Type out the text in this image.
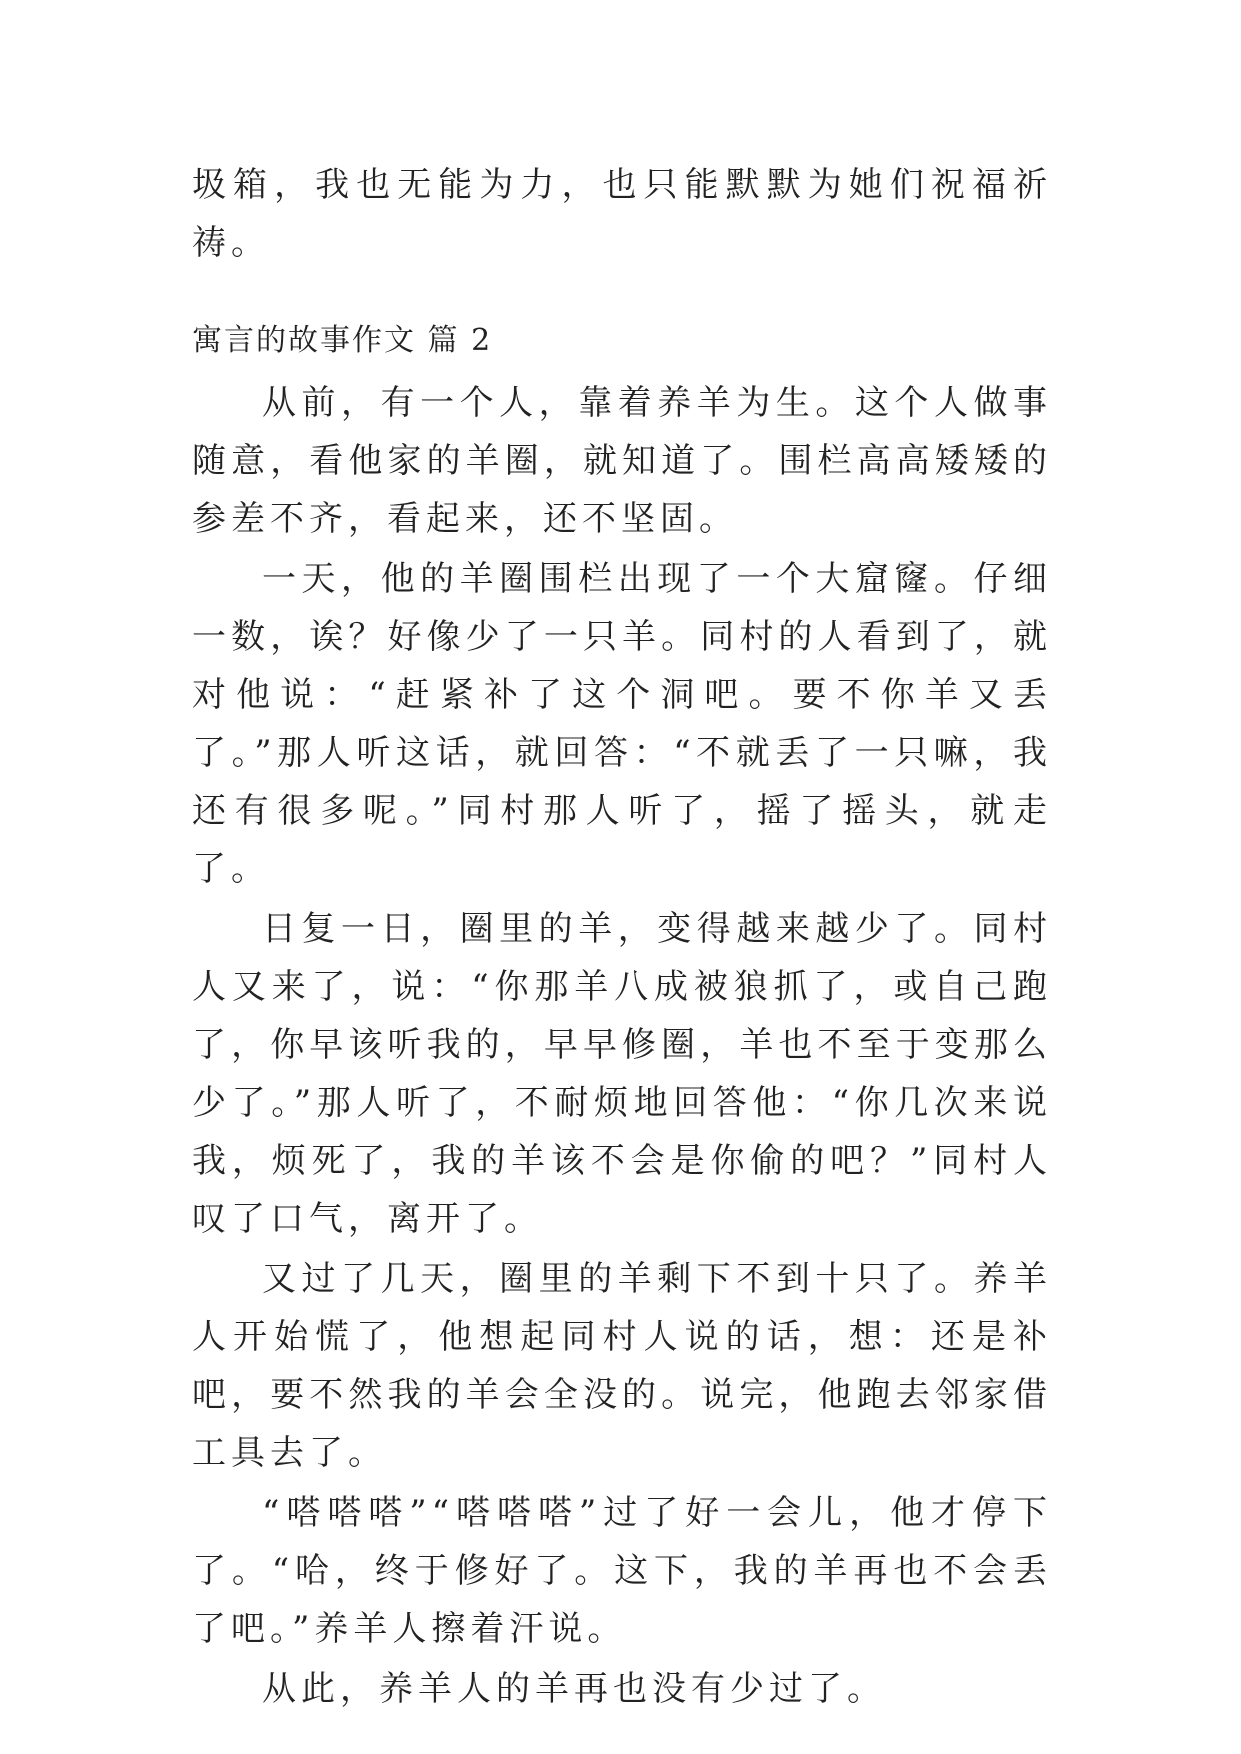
圾箱，我也无能为力，也只能默默为她们祝福祈祷。

寓言的故事作文 篇 2

从前，有一个人，靠着养羊为生。这个人做事随意，看他家的羊圈，就知道了。围栏高高矮矮的参差不齐，看起来，还不坚固。

一天，他的羊圈围栏出现了一个大窟窿。仔细一数，诶？好像少了一只羊。同村的人看到了，就对他说：“赶紧补了这个洞吧。要不你羊又丢了。”那人听这话，就回答：“不就丢了一只嘛，我还有很多呢。”同村那人听了，摇了摇头，就走了。

日复一日，圈里的羊，变得越来越少了。同村人又来了，说：“你那羊八成被狼抓了，或自己跑了，你早该听我的，早早修圈，羊也不至于变那么少了。”那人听了，不耐烦地回答他：“你几次来说我，烦死了，我的羊该不会是你偷的吧？”同村人叹了口气，离开了。

又过了几天，圈里的羊剩下不到十只了。养羊人开始慌了，他想起同村人说的话，想：还是补吧，要不然我的羊会全没的。说完，他跑去邻家借工具去了。

“嗒嗒嗒”“嗒嗒嗒”过了好一会儿，他才停下了。“哈，终于修好了。这下，我的羊再也不会丢了吧。”养羊人擦着汗说。

从此，养羊人的羊再也没有少过了。
